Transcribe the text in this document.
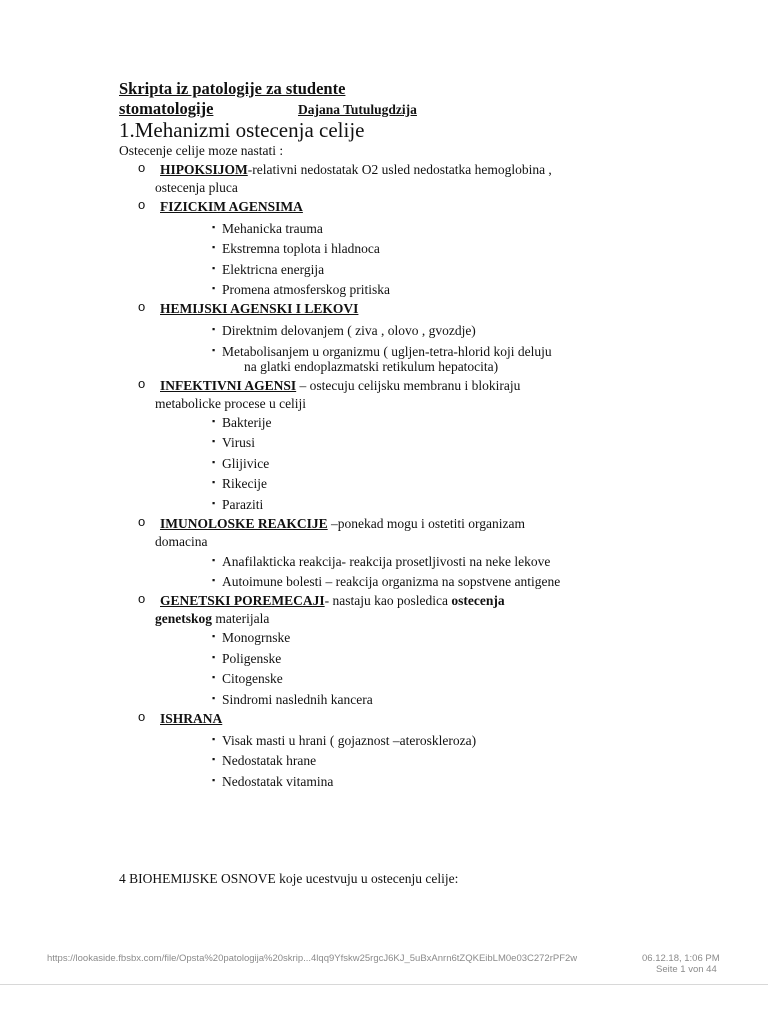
Skripta iz patologije za studente
stomatologije	Dajana Tutulugdzija
1.Mehanizmi ostecenja celije
Ostecenje celije moze nastati :
o HIPOKSIJOM-relativni nedostatak O2 usled nedostatka hemoglobina ,
ostecenja pluca
o FIZICKIM AGENSIMA
▪ Mehanicka trauma
▪ Ekstremna toplota i hladnoca
▪ Elektricna energija
▪ Promena atmosferskog pritiska
o HEMIJSKI AGENSKI I LEKOVI
▪ Direktnim delovanjem ( ziva , olovo , gvozdje)
▪ Metabolisanjem u organizmu ( ugljen-tetra-hlorid koji deluju
na glatki endoplazmatski retikulum hepatocita)
o INFEKTIVNI AGENSI – ostecuju celijsku membranu i blokiraju
metabolicke procese u celiji
▪ Bakterije
▪ Virusi
▪ Glijivice
▪ Rikecije
▪ Paraziti
o IMUNOLOSKE REAKCIJE –ponekad mogu i ostetiti organizam
domacina
▪ Anafilakticka reakcija- reakcija prosetljivosti na neke lekove
▪ Autoimune bolesti – reakcija organizma na sopstvene antigene
o GENETSKI POREMECAJI- nastaju kao posledica ostecenja
genetskog materijala
▪ Monogrnske
▪ Poligenske
▪ Citogenske
▪ Sindromi naslednih kancera
o ISHRANA
▪ Visak masti u hrani ( gojaznost –ateroskleroza)
▪ Nedostatak hrane
▪ Nedostatak vitamina
4 BIOHEMIJSKE OSNOVE koje ucestvuju u ostecenju celije:
https://lookaside.fbsbx.com/file/Opsta%20patologija%20skrip...4lqq9Yfskw25rgcJ6KJ_5uBxAnrn6tZQKEibLM0e03C272rPF2w	06.12.18, 1:06 PM
Seite 1 von 44
